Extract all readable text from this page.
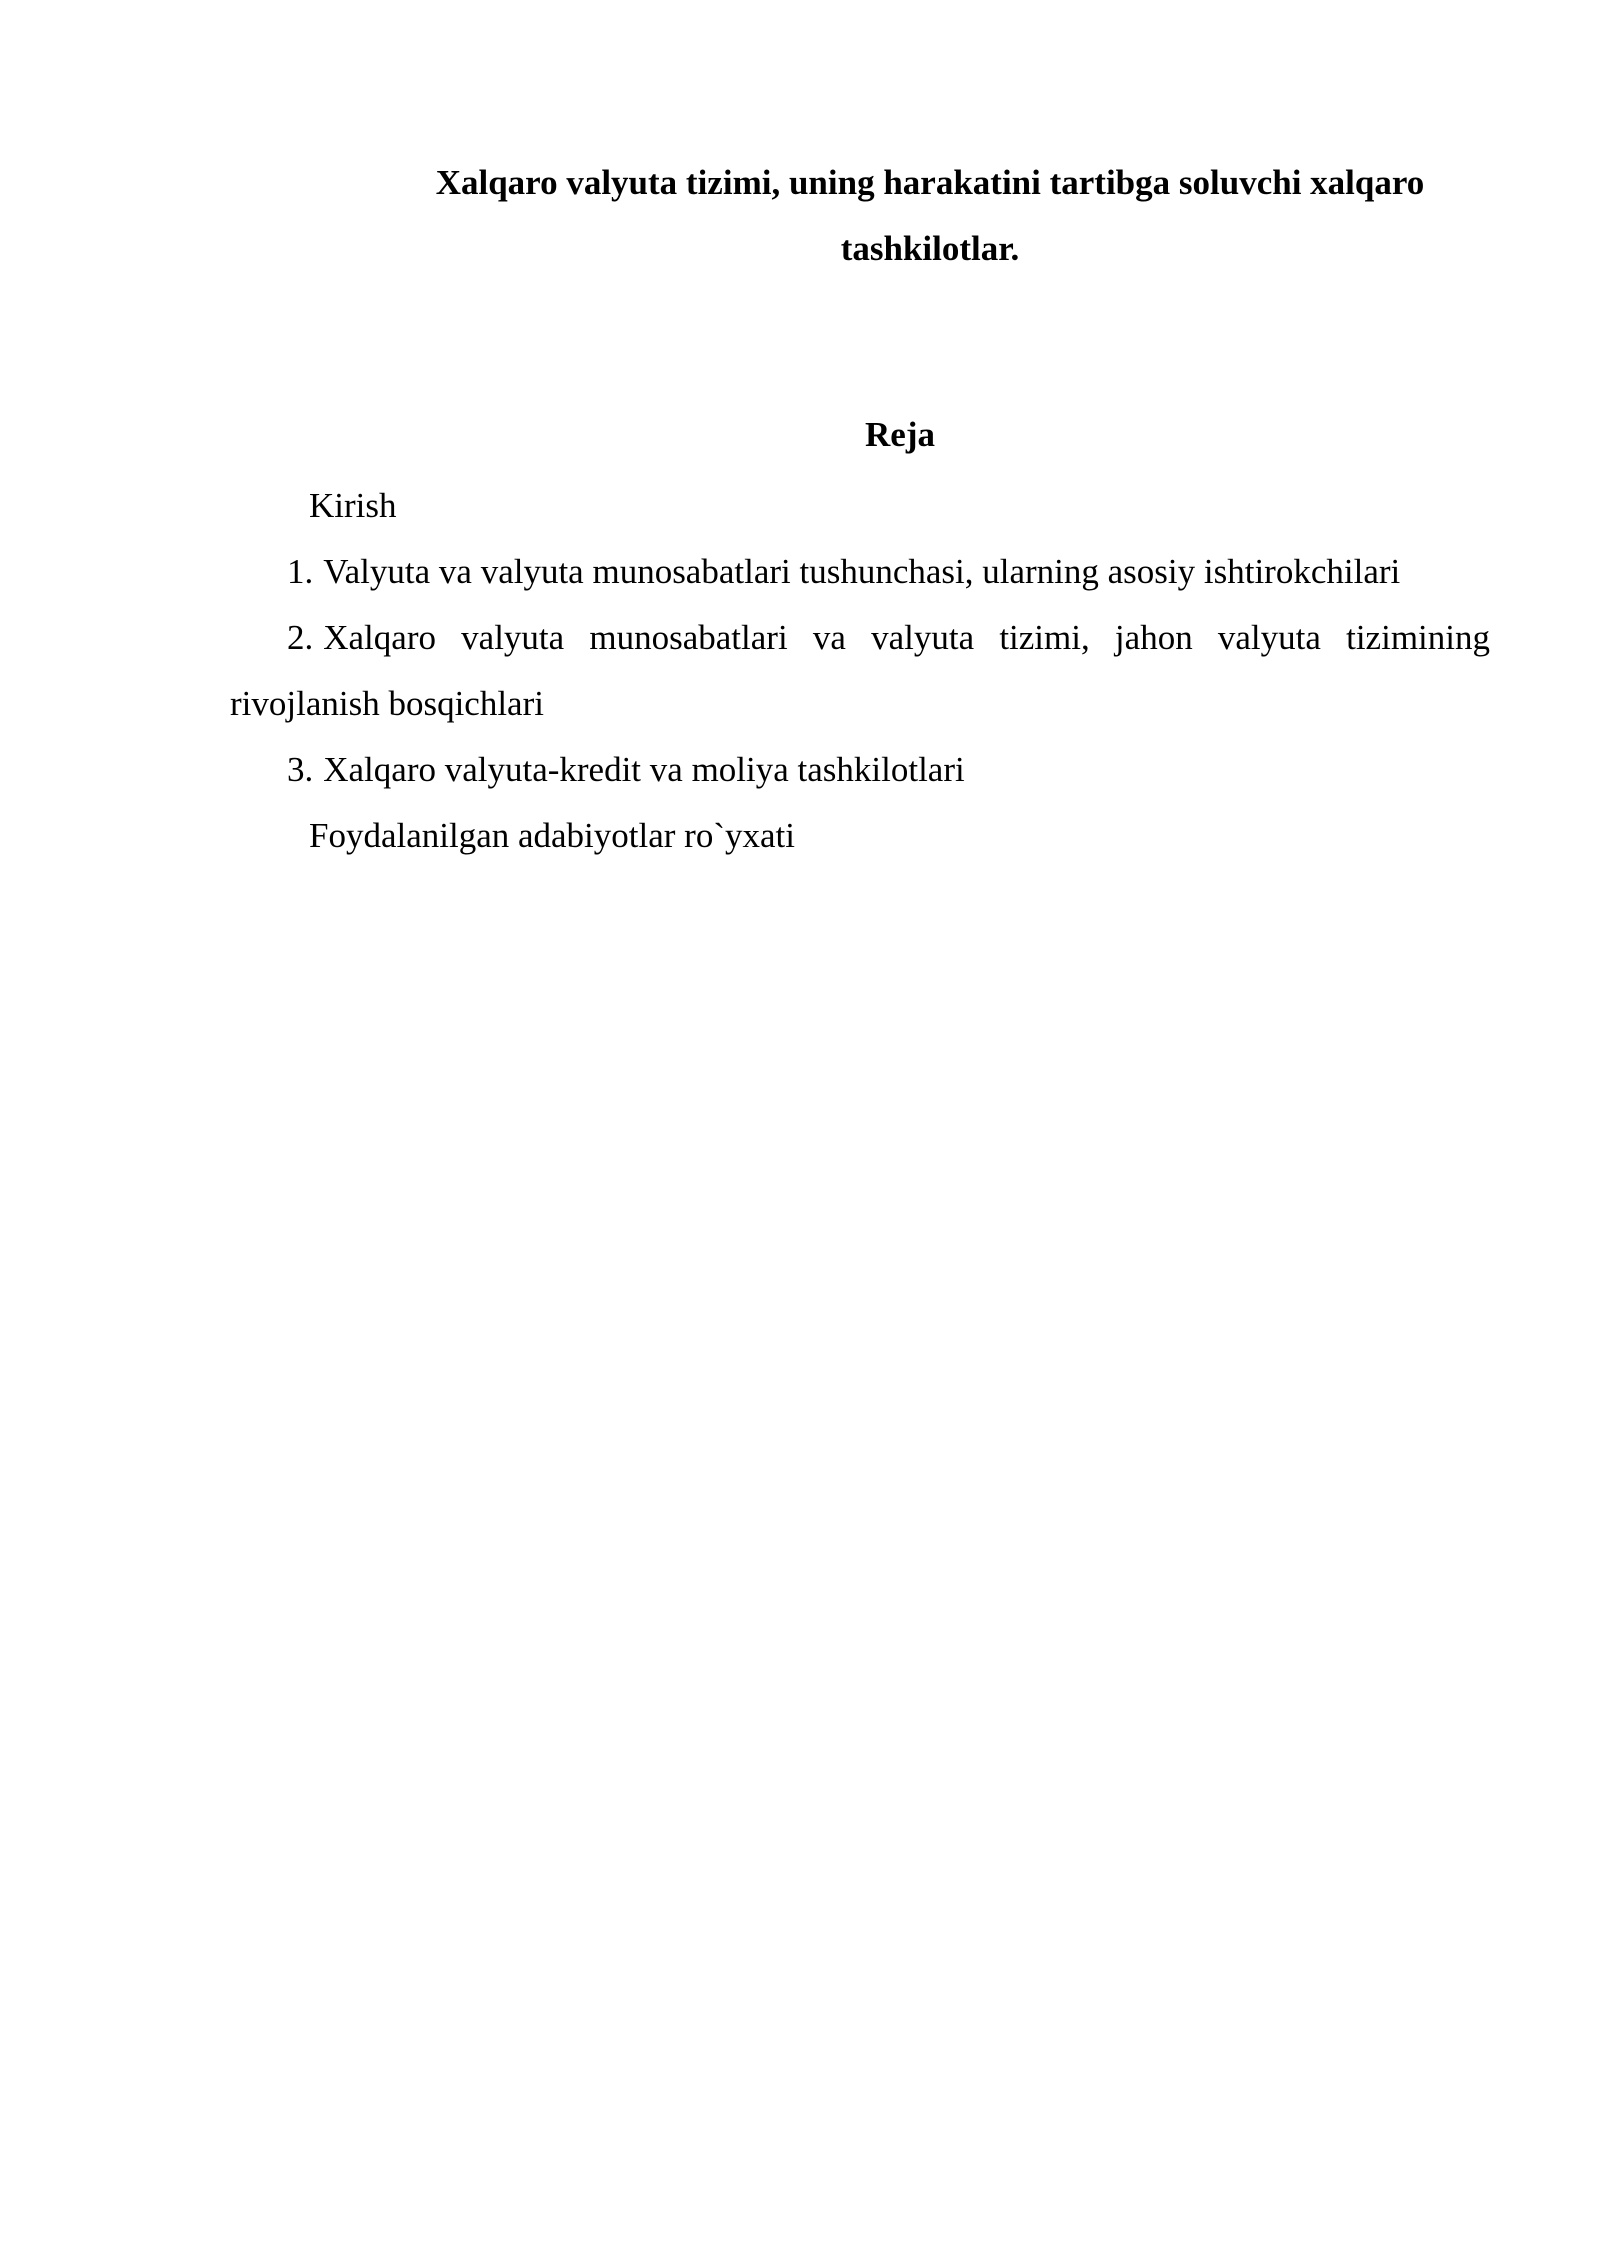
Xalqaro valyuta tizimi, uning harakatini tartibga soluvchi xalqaro
tashkilotlar.
Reja

Kirish

1. Valyuta va valyuta munosabatlari tushunchasi, ularning asosiy ishtirokchilari

2. Xalqaro valyuta munosabatlari va valyuta tizimi, jahon valyuta tizimining rivojlanish bosqichlari

3. Xalqaro valyuta-kredit va moliya tashkilotlari

Foydalanilgan adabiyotlar ro`yxati
